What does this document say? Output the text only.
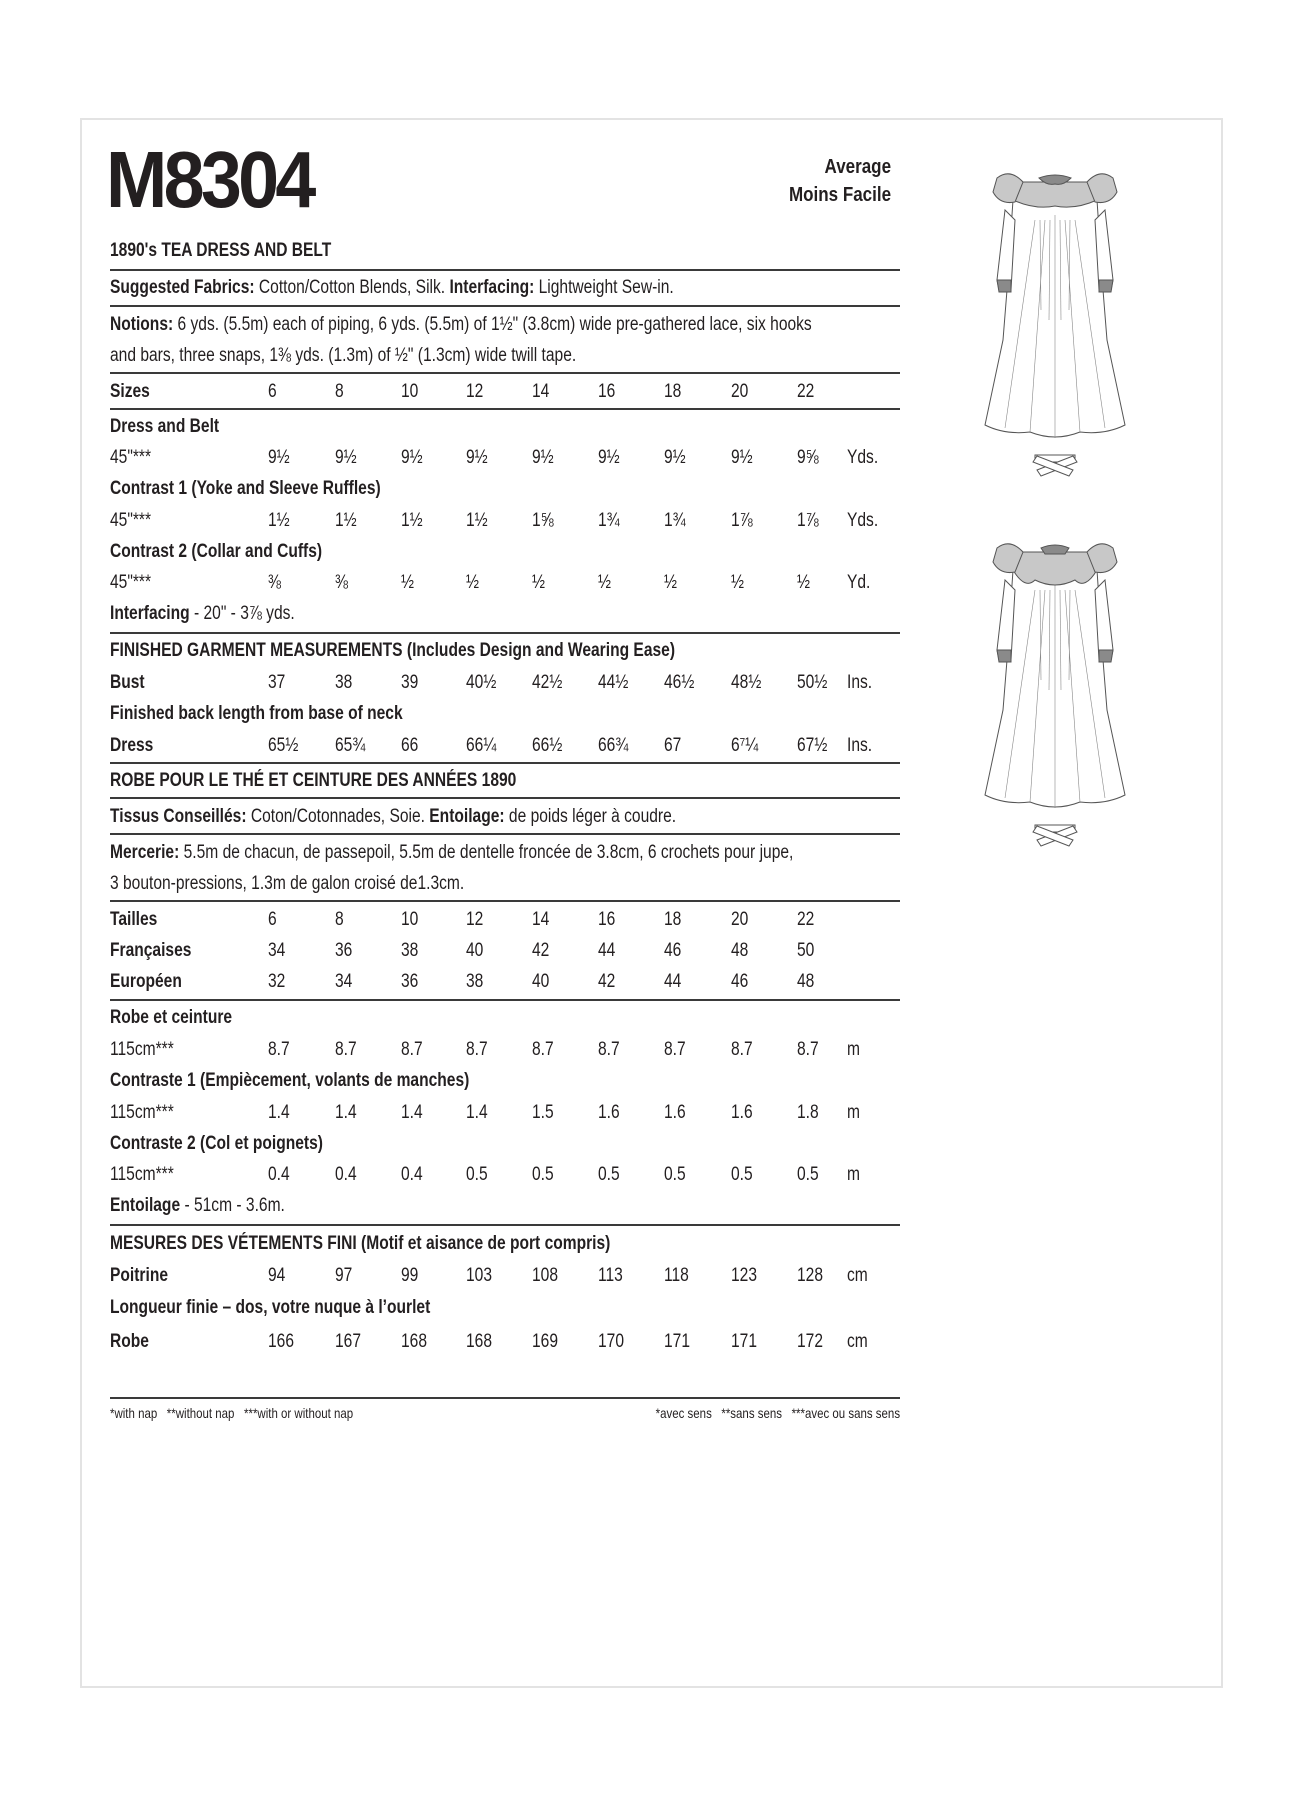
M8304	Average
Moins Facile
1890's TEA DRESS AND BELT
Suggested Fabrics: Cotton/Cotton Blends, Silk. Interfacing: Lightweight Sew-in.
Notions: 6 yds. (5.5m) each of piping, 6 yds. (5.5m) of 1½" (3.8cm) wide pre-gathered lace, six hooks
and bars, three snaps, 1⅜ yds. (1.3m) of ½" (1.3cm) wide twill tape.
Sizes	6	8	10	12	14	16	18	20	22
Dress and Belt
45"***	9½ 9½ 9½ 9½ 9½ 9½ 9½ 9½ 9⅝ Yds.
Contrast 1 (Yoke and Sleeve Ruffles)
45"***	1½ 1½ 1½ 1½ 1⅝ 1¾ 1¾ 1⅞ 1⅞ Yds.
Contrast 2 (Collar and Cuffs)
45"***	⅜	⅜	½	½	½	½	½	½	½ Yd.
Interfacing - 20" - 3⅞ yds.
FINISHED GARMENT MEASUREMENTS (Includes Design and Wearing Ease)
Bust	37	38	39	40½ 42½ 44½ 46½ 48½ 50½ Ins.
Finished back length from base of neck
Dress	65½ 65¾ 66	66¼ 66½ 66¾ 67	6⁷¼ 67½ Ins.
ROBE POUR LE THÉ ET CEINTURE DES ANNÉES 1890
Tissus Conseillés: Coton/Cotonnades, Soie. Entoilage: de poids léger à coudre.
Mercerie: 5.5m de chacun, de passepoil, 5.5m de dentelle froncée de 3.8cm, 6 crochets pour jupe,
3 bouton-pressions, 1.3m de galon croisé de1.3cm.
Tailles	6	8	10	12	14	16	18	20	22
Françaises	34	36	38	40	42	44	46	48	50
Européen	32	34	36	38	40	42	44	46	48
Robe et ceinture
115cm***	8.7 8.7 8.7 8.7 8.7 8.7 8.7 8.7 8.7 m
Contraste 1 (Empiècement, volants de manches)
115cm***	1.4 1.4 1.4 1.4 1.5 1.6 1.6 1.6 1.8 m
Contraste 2 (Col et poignets)
115cm***	0.4 0.4 0.4 0.5 0.5 0.5 0.5 0.5 0.5 m
Entoilage - 51cm - 3.6m.
MESURES DES VÉTEMENTS FINI (Motif et aisance de port compris)
Poitrine	94	97	99	103 108 113 118 123 128 cm
Longueur finie – dos, votre nuque à l’ourlet
Robe	166 167 168 168 169 170 171 171 172 cm
*with nap   **without nap   ***with or without nap	*avec sens   **sans sens   ***avec ou sans sens
